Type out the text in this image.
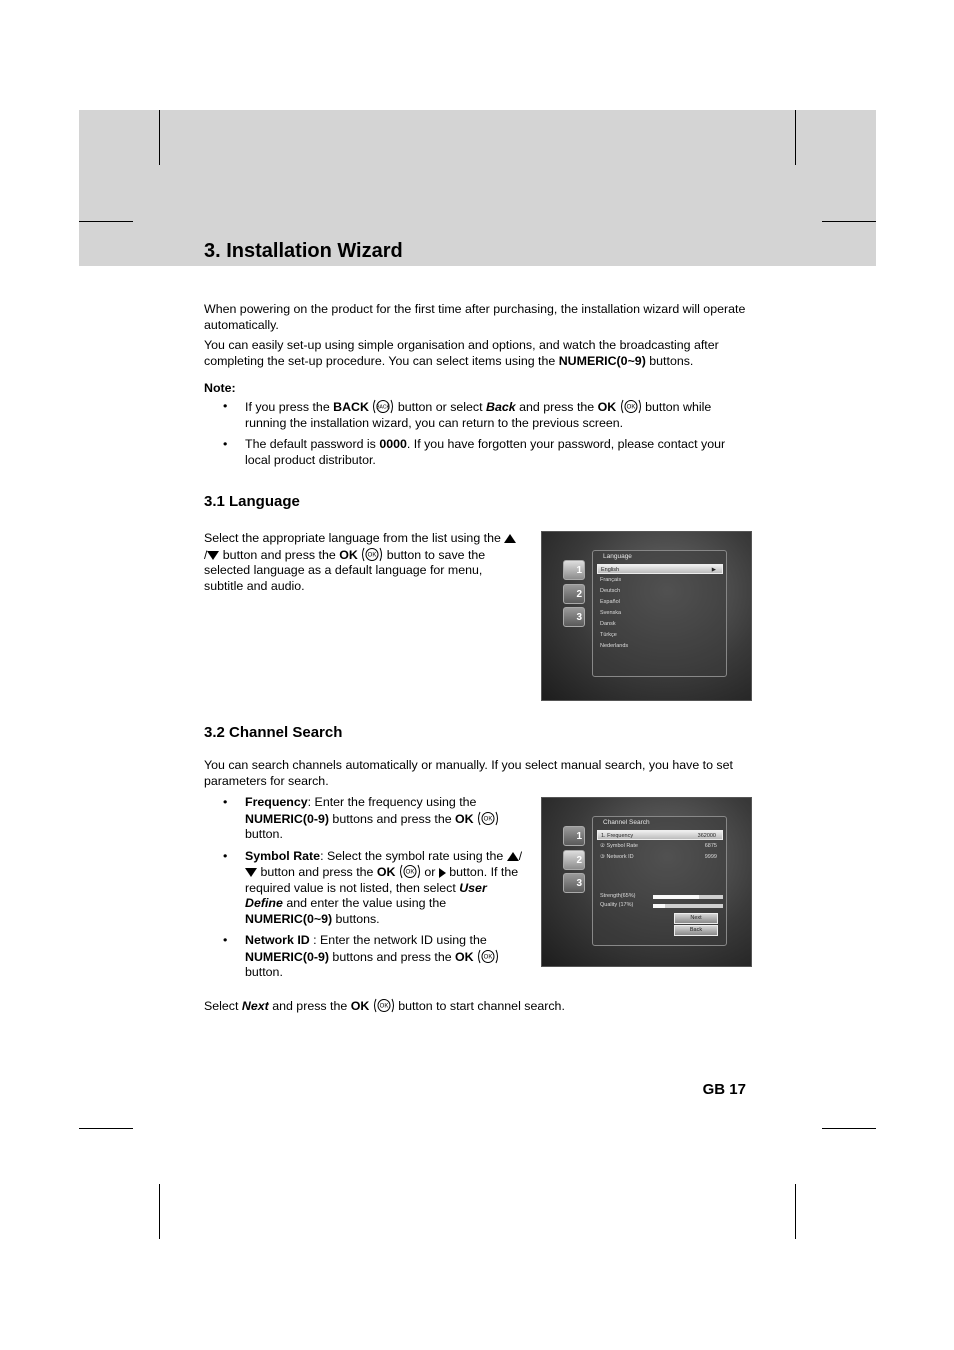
3. Installation Wizard

When powering on the product for the first time after purchasing, the installation wizard will operate automatically.

You can easily set-up using simple organisation and options, and watch the broadcasting after completing the set-up procedure. You can select items using the NUMERIC(0~9) buttons.

Note:

• If you press the BACK BACK button or select Back and press the OK OK button while running the installation wizard, you can return to the previous screen.
• The default password is 0000. If you have forgotten your password, please contact your local product distributor.
3.1 Language

Select the appropriate language from the list using the / button and press the OK OK button to save the selected language as a default language for menu, subtitle and audio.

1
2
3
Language
English	▶
Français
Deutsch
Español
Svenska
Dansk
Türkçe
Nederlands
3.2 Channel Search

You can search channels automatically or manually. If you select manual search, you have to set parameters for search.

• Frequency: Enter the frequency using the NUMERIC(0-9) buttons and press the OK OK
button.
• Symbol Rate: Select the symbol rate using the / button and press the OK OK or  button. If the required value is not listed, then select User Define and enter the value using the NUMERIC(0~9) buttons.
• Network ID : Enter the network ID using the NUMERIC(0-9) buttons and press the OK OK
button.
1
2
3
Channel Search
1. Frequency	362000
② Symbol Rate	6875
③ Network ID	9999
Strength(65%)
Quality (17%)
Next
Back

Select Next and press the OK OK button to start channel search.

GB 17
